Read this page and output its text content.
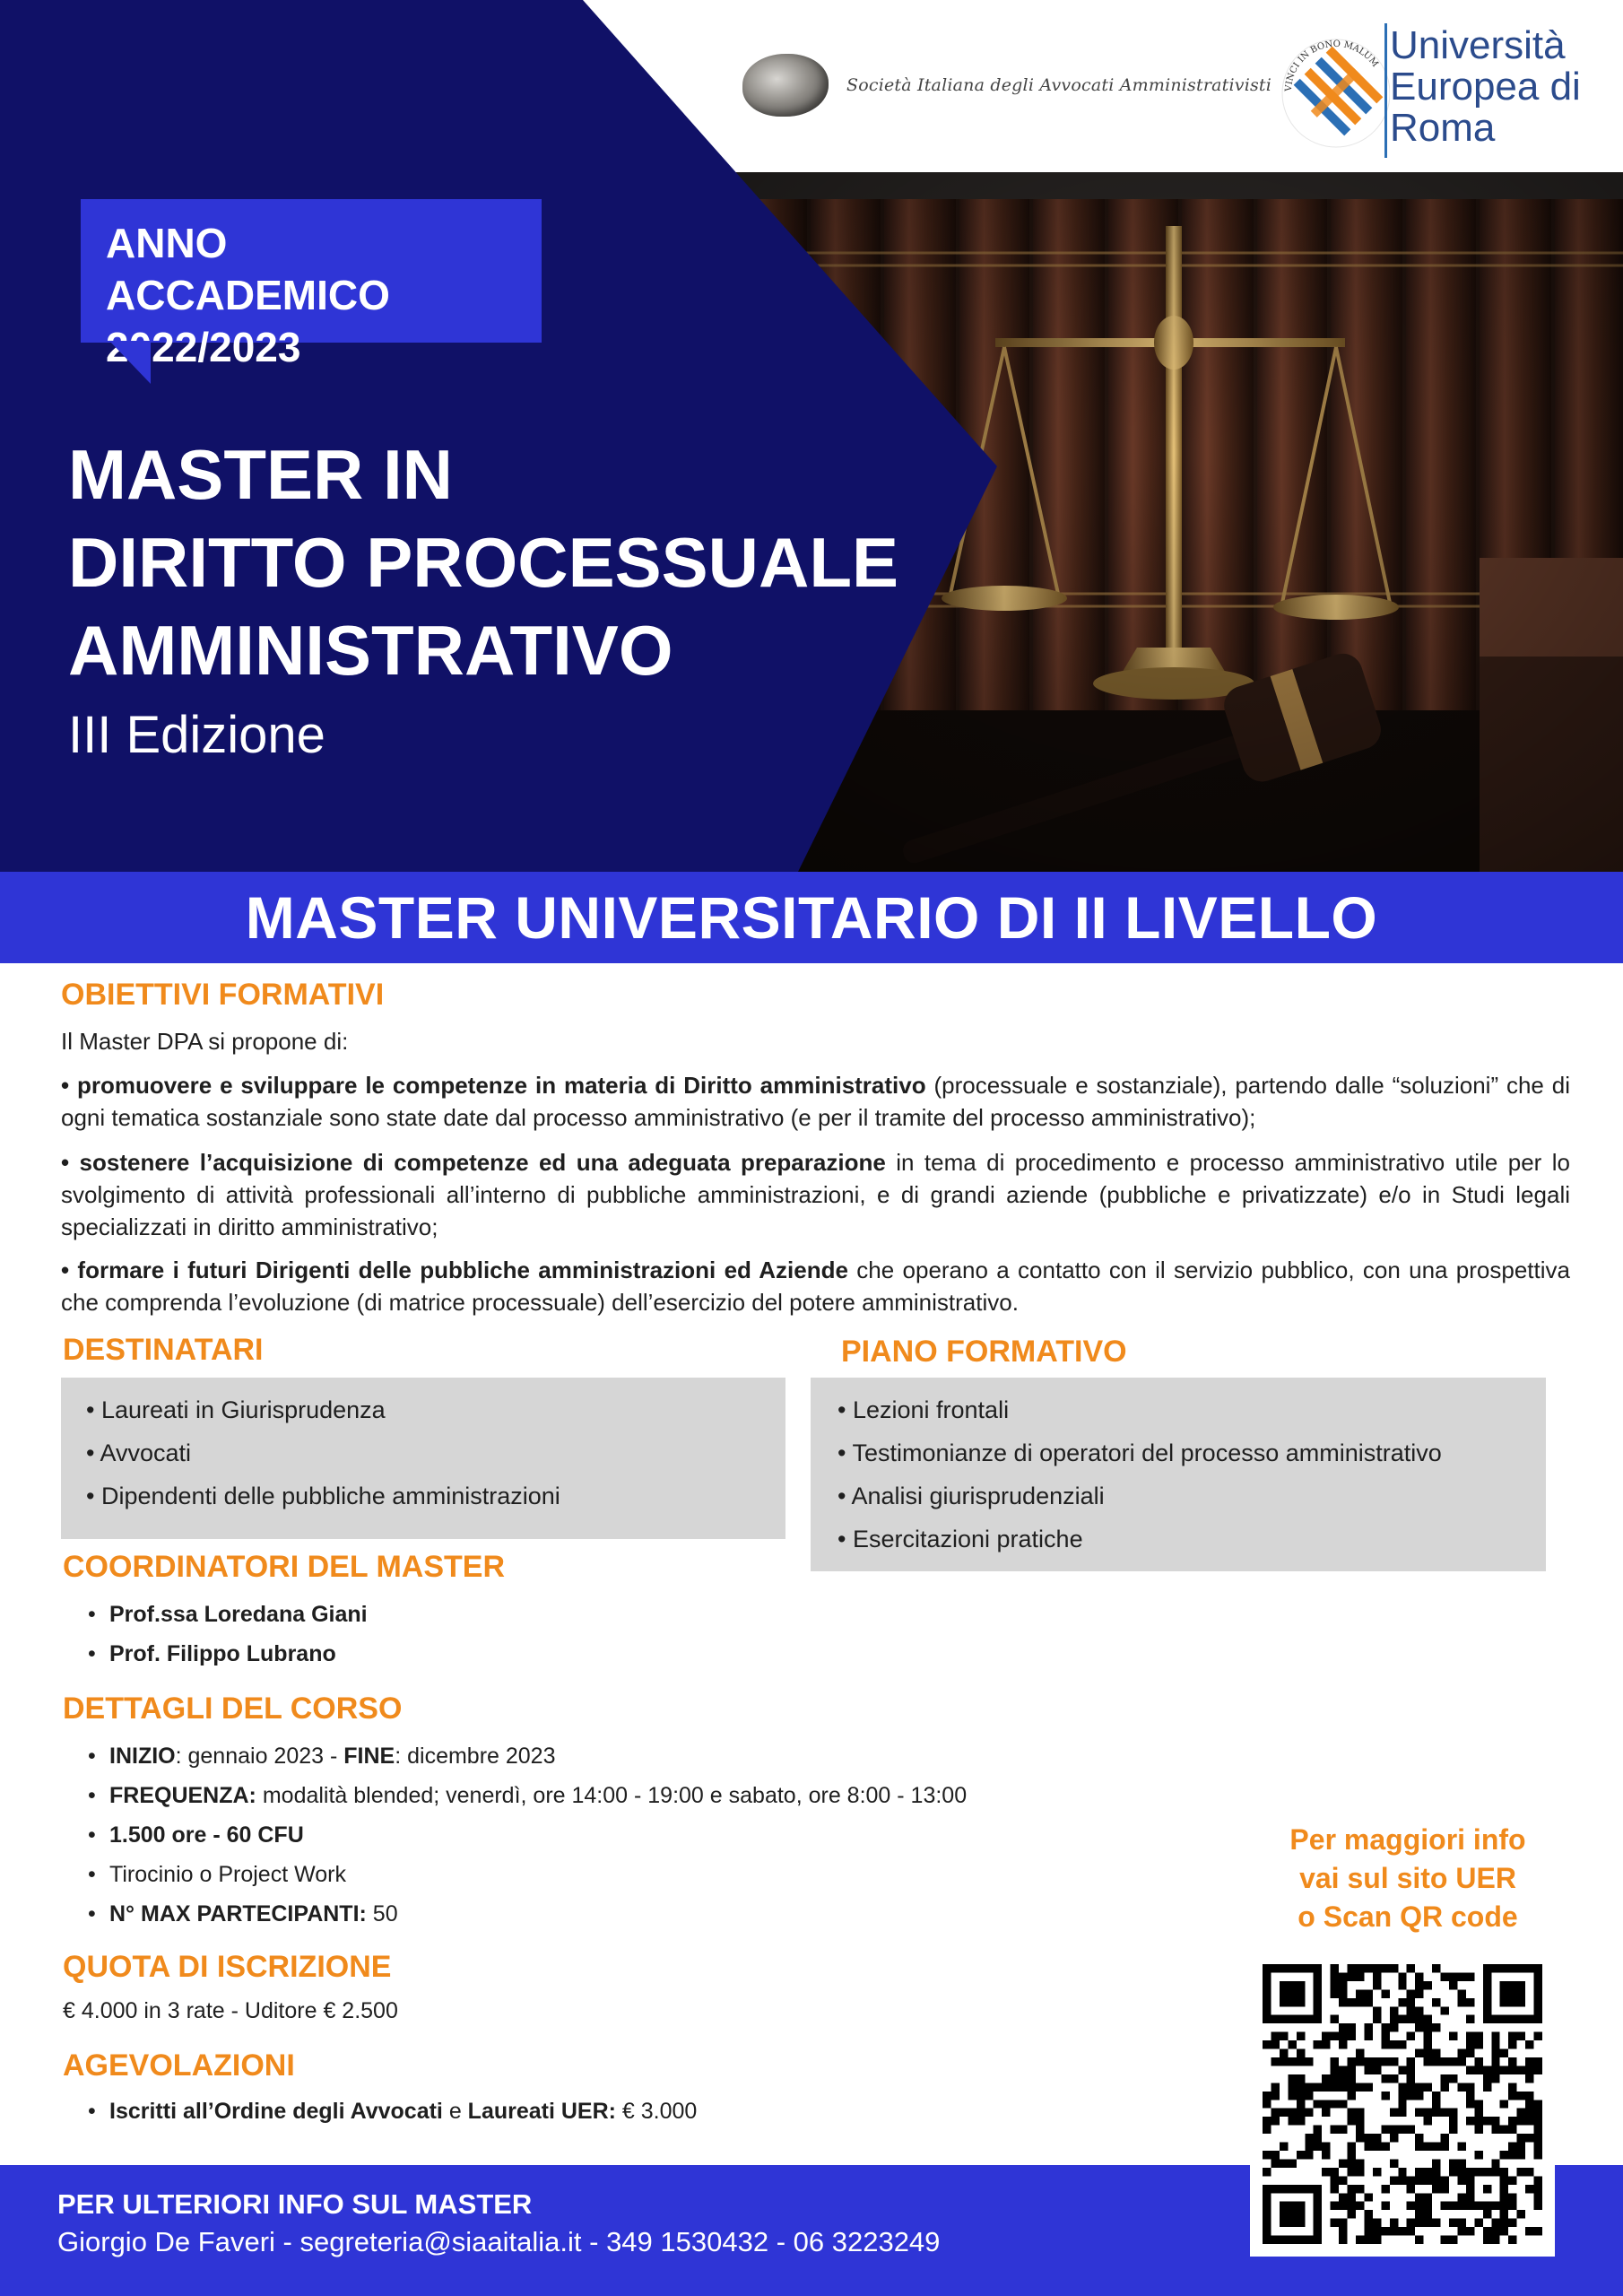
Società Italiana degli Avvocati Amministrativisti VINCI IN BONO MALUM Università
Europea di
Roma
ANNO ACCADEMICO
2022/2023
MASTER IN
DIRITTO PROCESSUALE
AMMINISTRATIVO
III Edizione
MASTER UNIVERSITARIO DI II LIVELLO
OBIETTIVI FORMATIVI
Il Master DPA si propone di:
• promuovere e sviluppare le competenze in materia di Diritto amministrativo (processuale e sostanziale), partendo dalle “soluzioni” che di ogni tematica sostanziale sono state date dal processo amministrativo (e per il tramite del processo amministrativo);
• sostenere l’acquisizione di competenze ed una adeguata preparazione in tema di procedimento e processo amministrativo utile per lo svolgimento di attività professionali all’interno di pubbliche amministrazioni, e di grandi aziende (pubbliche e privatizzate) e/o in Studi legali specializzati in diritto amministrativo;
• formare i futuri Dirigenti delle pubbliche amministrazioni ed Aziende che operano a contatto con il servizio pubblico, con una prospettiva che comprenda l’evoluzione (di matrice processuale) dell’esercizio del potere amministrativo.
DESTINATARI
• Laureati in Giurisprudenza
• Avvocati
• Dipendenti delle pubbliche amministrazioni
PIANO FORMATIVO
• Lezioni frontali
• Testimonianze di operatori del processo amministrativo
• Analisi giurisprudenziali
• Esercitazioni pratiche
COORDINATORI DEL MASTER
• Prof.ssa Loredana Giani
• Prof. Filippo Lubrano
DETTAGLI DEL CORSO
• INIZIO: gennaio 2023 - FINE: dicembre 2023
• FREQUENZA: modalità blended; venerdì, ore 14:00 - 19:00 e sabato, ore 8:00 - 13:00
• 1.500 ore - 60 CFU
• Tirocinio o Project Work
• N° MAX PARTECIPANTI: 50
QUOTA DI ISCRIZIONE
€ 4.000 in 3 rate - Uditore € 2.500
AGEVOLAZIONI
• Iscritti all’Ordine degli Avvocati e Laureati UER: € 3.000
Per maggiori info
vai sul sito UER
o Scan QR code
PER ULTERIORI INFO SUL MASTER
Giorgio De Faveri - segreteria@siaaitalia.it - 349 1530432 - 06 3223249
